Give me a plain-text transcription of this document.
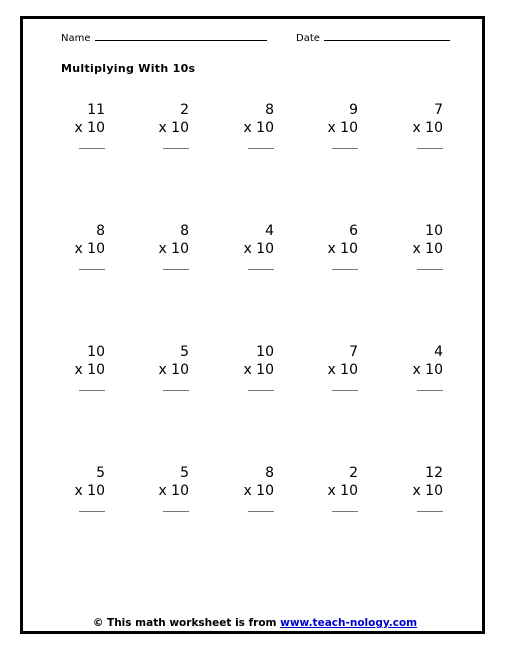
Name	Date
Multiplying With 10s
11
x 10
2
x 10
8
x 10
9
x 10
7
x 10
8
x 10
8
x 10
4
x 10
6
x 10
10
x 10
10
x 10
5
x 10
10
x 10
7
x 10
4
x 10
5
x 10
5
x 10
8
x 10
2
x 10
12
x 10
© This math worksheet is from www.teach-nology.com
